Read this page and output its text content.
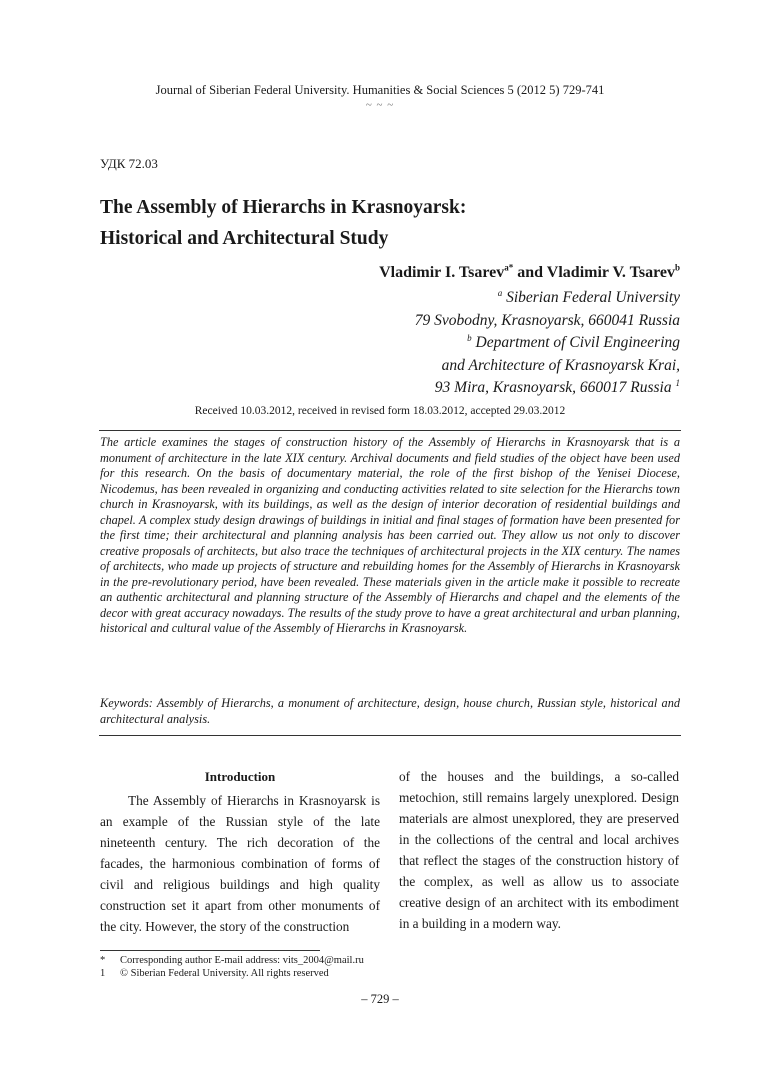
Journal of Siberian Federal University. Humanities & Social Sciences 5 (2012 5) 729-741
~ ~ ~
УДК 72.03
The Assembly of Hierarchs in Krasnoyarsk:
Historical and Architectural Study
Vladimir I. Tsarev$^{a*}$ and Vladimir V. Tsarev$^b$
$^a$ Siberian Federal University
79 Svobodny, Krasnoyarsk, 660041 Russia
$^b$ Department of Civil Engineering
and Architecture of Krasnoyarsk Krai,
93 Mira, Krasnoyarsk, 660017 Russia $^1$
Received 10.03.2012, received in revised form 18.03.2012, accepted 29.03.2012
The article examines the stages of construction history of the Assembly of Hierarchs in Krasnoyarsk that is a monument of architecture in the late XIX century. Archival documents and field studies of the object have been used for this research. On the basis of documentary material, the role of the first bishop of the Yenisei Diocese, Nicodemus, has been revealed in organizing and conducting activities related to site selection for the Hierarchs town church in Krasnoyarsk, with its buildings, as well as the design of interior decoration of residential buildings and chapel. A complex study design drawings of buildings in initial and final stages of formation have been presented for the first time; their architectural and planning analysis has been carried out. They allow us not only to discover creative proposals of architects, but also trace the techniques of architectural projects in the XIX century. The names of architects, who made up projects of structure and rebuilding homes for the Assembly of Hierarchs in Krasnoyarsk in the pre-revolutionary period, have been revealed. These materials given in the article make it possible to recreate an authentic architectural and planning structure of the Assembly of Hierarchs and chapel and the elements of the decor with great accuracy nowadays. The results of the study prove to have a great architectural and urban planning, historical and cultural value of the Assembly of Hierarchs in Krasnoyarsk.
Keywords: Assembly of Hierarchs, a monument of architecture, design, house church, Russian style, historical and architectural analysis.
Introduction
The Assembly of Hierarchs in Krasnoyarsk is an example of the Russian style of the late nineteenth century. The rich decoration of the facades, the harmonious combination of forms of civil and religious buildings and high quality construction set it apart from other monuments of the city. However, the story of the construction
of the houses and the buildings, a so-called metochion, still remains largely unexplored. Design materials are almost unexplored, they are preserved in the collections of the central and local archives that reflect the stages of the construction history of the complex, as well as allow us to associate creative design of an architect with its embodiment in a building in a modern way.
* Corresponding author E-mail address: vits_2004@mail.ru
1 © Siberian Federal University. All rights reserved
– 729 –
